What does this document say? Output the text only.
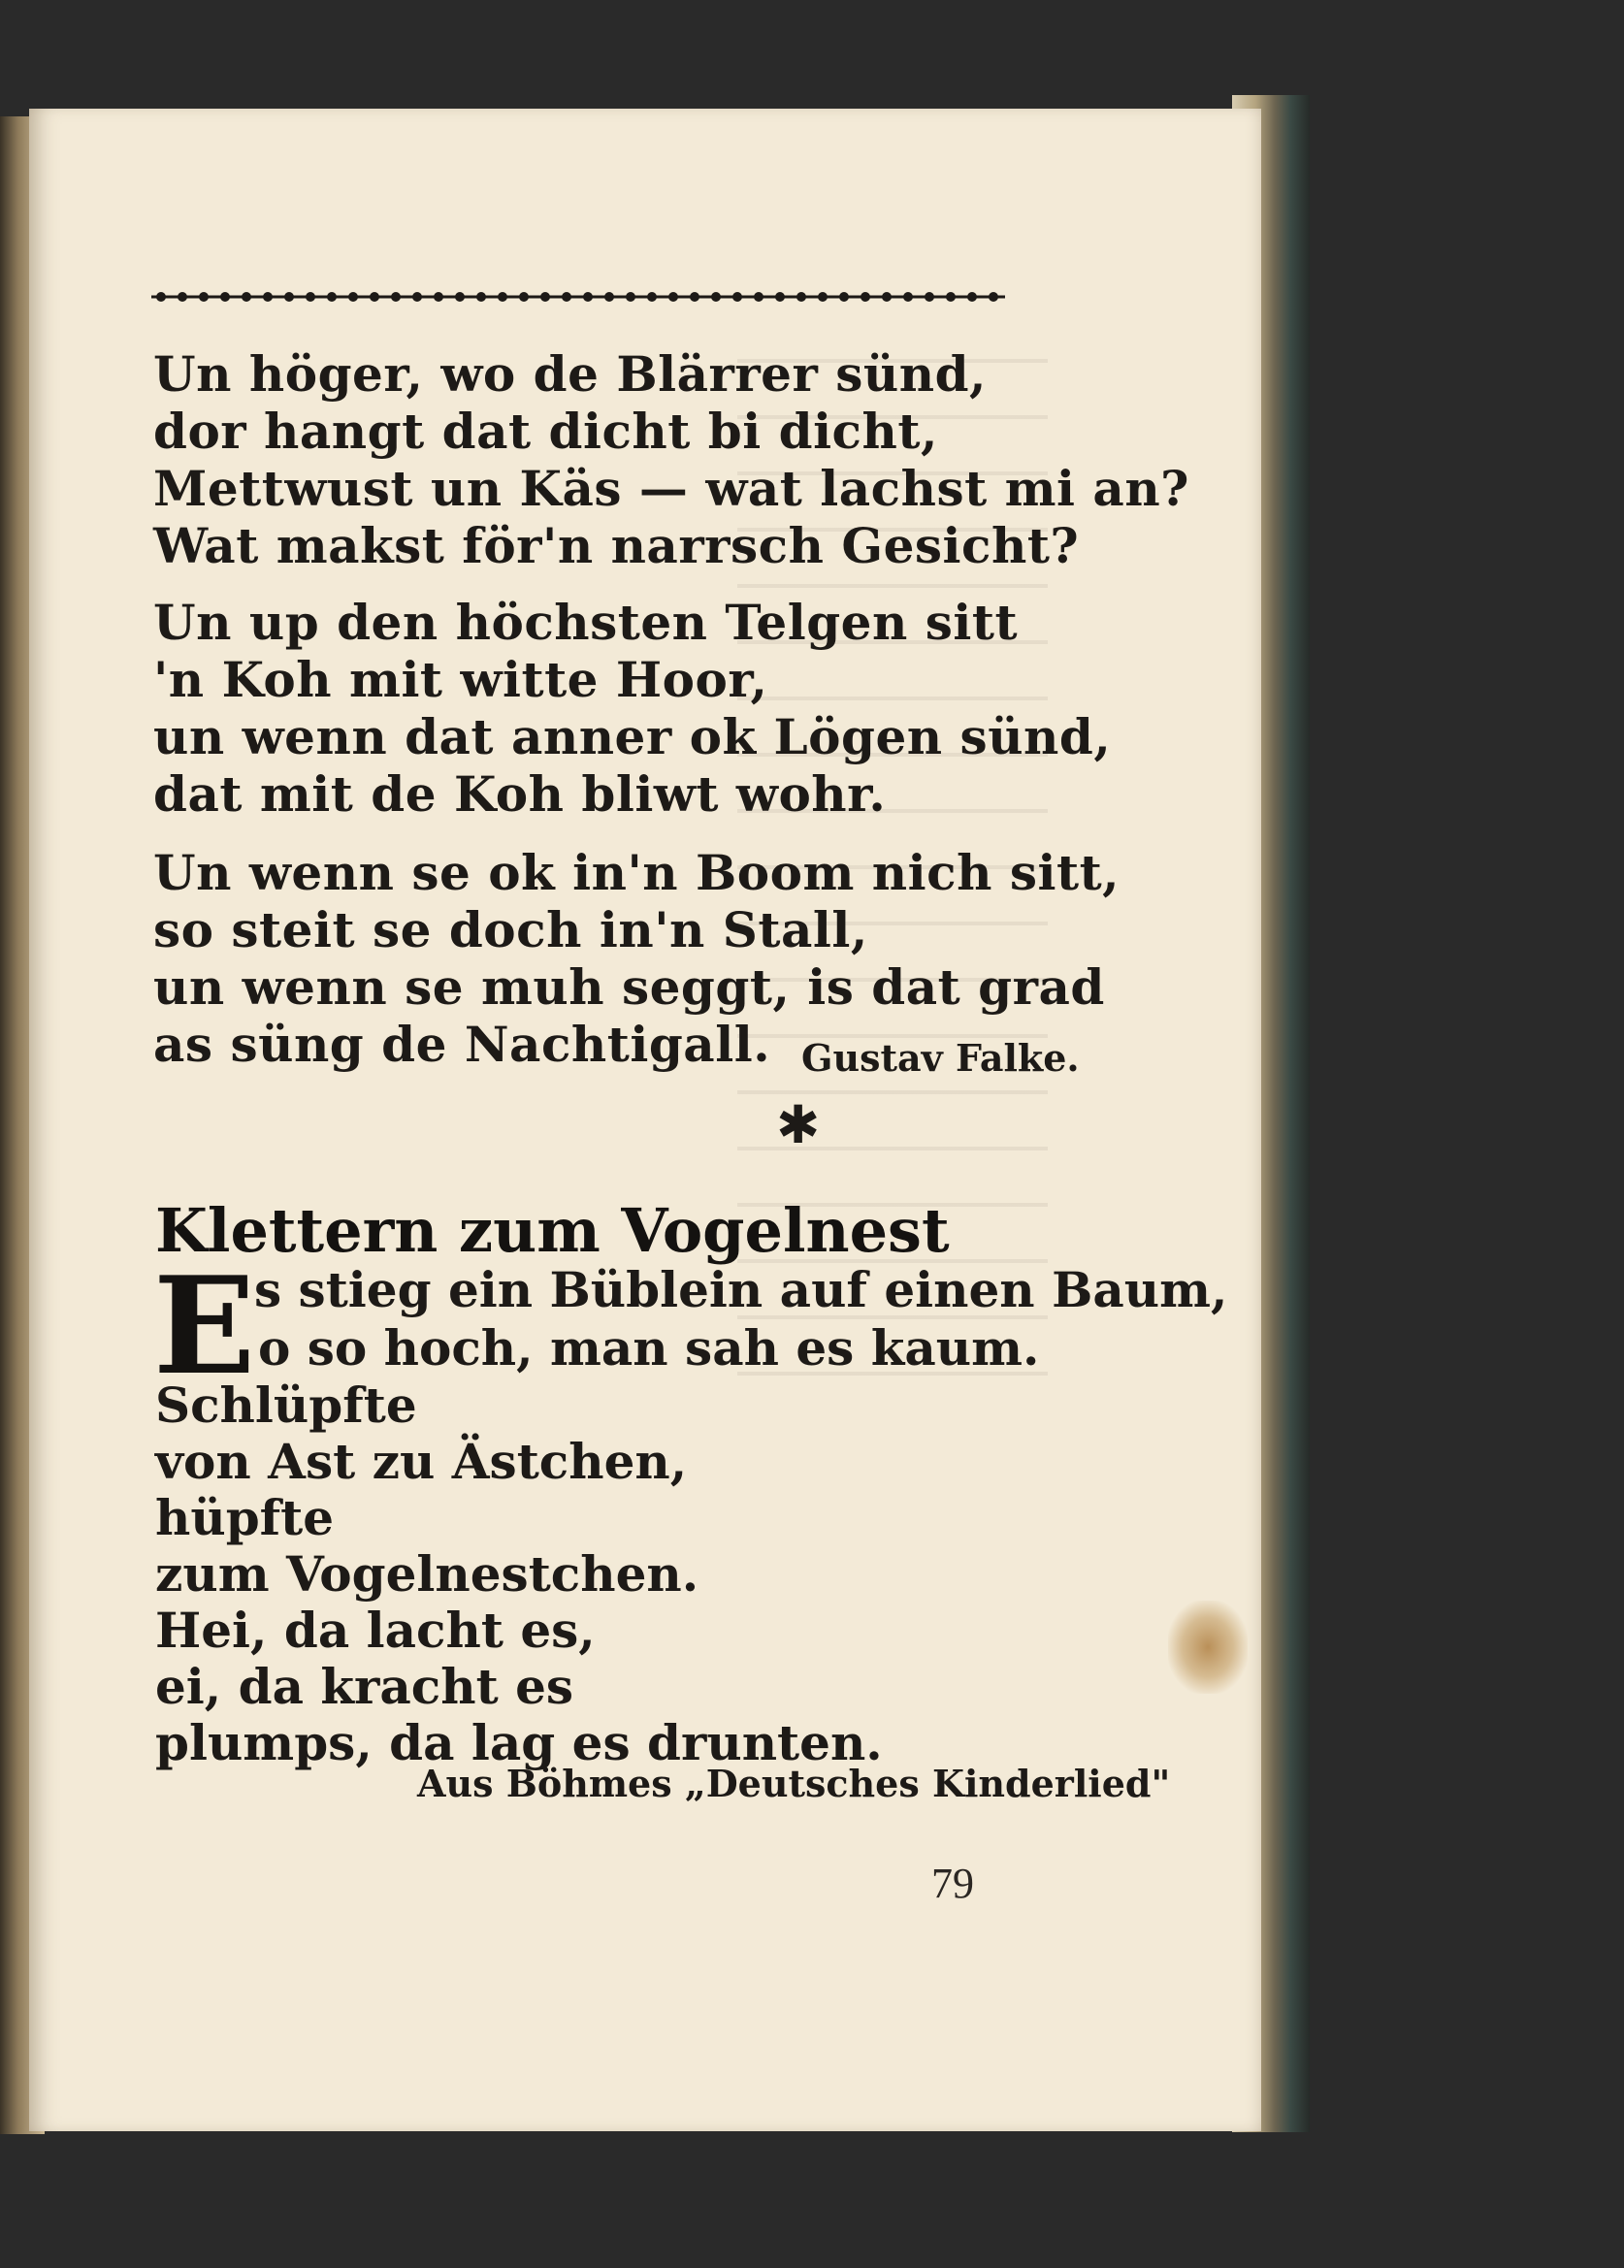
Un höger, wo de Blärrer sünd,
dor hangt dat dicht bi dicht,
Mettwust un Käs — wat lachst mi an?
Wat makst för'n narrsch Gesicht?
Un up den höchsten Telgen sitt
'n Koh mit witte Hoor,
un wenn dat anner ok Lögen sünd,
dat mit de Koh bliwt wohr.
Un wenn se ok in'n Boom nich sitt,
so steit se doch in'n Stall,
un wenn se muh seggt, is dat grad
as süng de Nachtigall. Gustav Falke.
✱
Klettern zum Vogelnest
E
s stieg ein Büblein auf einen Baum,
o so hoch, man sah es kaum.
Schlüpfte
von Ast zu Ästchen,
hüpfte
zum Vogelnestchen.
Hei, da lacht es,
ei, da kracht es
plumps, da lag es drunten.
Aus Böhmes „Deutsches Kinderlied"
79
